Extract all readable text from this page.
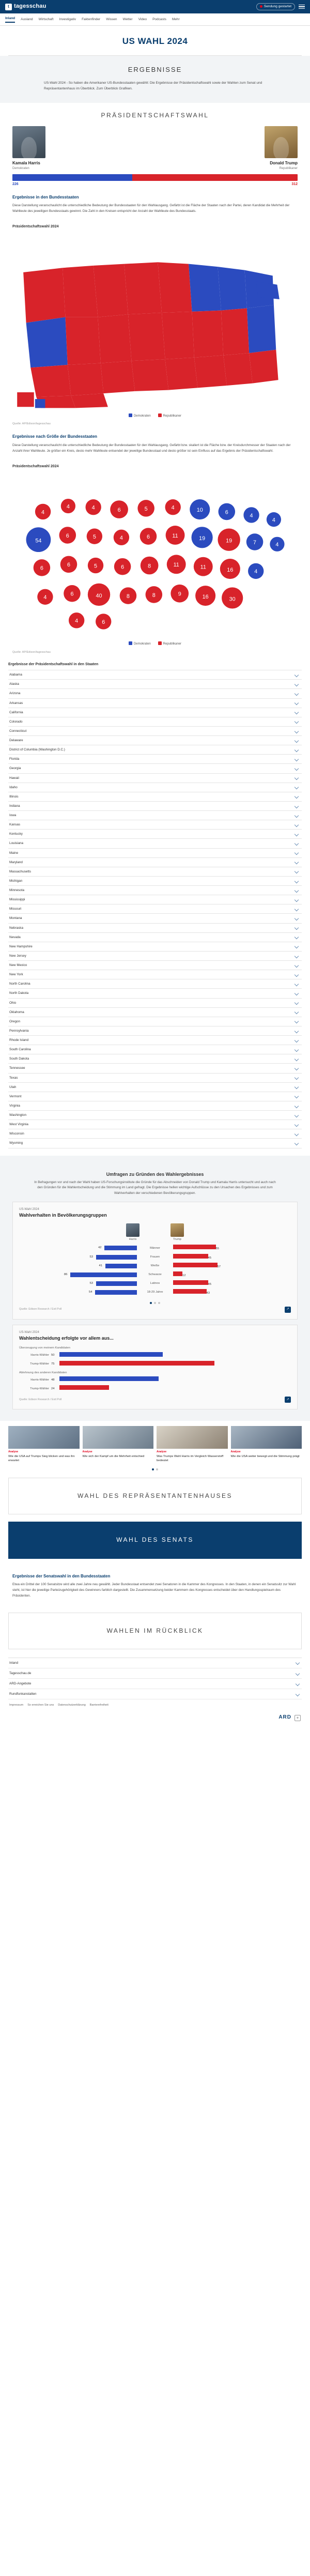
t tagesschau	Sendung gestartet
Inland Ausland Wirtschaft Investigativ Faktenfinder Wissen Wetter Video Podcasts Mehr
US WAHL 2024
ERGEBNISSE

US-Wahl 2024 - So haben die Amerikaner US-Bundesstaaten gewählt: Die Ergebnisse der Präsidentschaftswahl sowie der Wahlen zum Senat und Repräsentantenhaus im Überblick. Zum Überblick Grafiken.

PRÄSIDENTSCHAFTSWAHL
Kamala Harris
Demokraten
Donald Trump
Republikaner
226	312
Ergebnisse in den Bundesstaaten

Diese Darstellung veranschaulicht die unterschiedliche Bedeutung der Bundesstaaten für den Wahlausgang. Gefärbt ist die Fläche der Staaten nach der Partei, deren Kandidat die Mehrheit der Wahlleute des jeweiligen Bundesstaats gewinnt. Die Zahl in den Kreisen entspricht der Anzahl der Wahlleute des Bundesstaats.

Präsidentschaftswahl 2024
Demokraten	Republikaner
Quelle: AP/Edison/tagesschau
Ergebnisse nach Größe der Bundesstaaten

Diese Darstellung veranschaulicht die unterschiedliche Bedeutung der Bundesstaaten für den Wahlausgang. Gefärbt bzw. skaliert ist die Fläche bzw. der Kreisdurchmesser der Staaten nach der Anzahl ihrer Wahlleute. Je größer ein Kreis, desto mehr Wahlleute entsendet der jeweilige Bundesstaat und desto größer ist sein Einfluss auf das Ergebnis der Präsidentschaftswahl.

Präsidentschaftswahl 2024
4
4	4	6	5	4	10	6
4
4
54
6	5	4	6	11	19	19	7	4
6
6	5	6	8	11	11	16	4
4
6	40	8	8	9	16	30
4	6
Demokraten	Republikaner
Quelle: AP/Edison/tagesschau
Ergebnisse der Präsidentschaftswahl in den Staaten
Alabama
Alaska
Arizona
Arkansas
California
Colorado
Connecticut
Delaware
District of Columbia (Washington D.C.)
Florida
Georgia
Hawaii
Idaho
Illinois
Indiana
Iowa
Kansas
Kentucky
Louisiana
Maine
Maryland
Massachusetts
Michigan
Minnesota
Mississippi
Missouri
Montana
Nebraska
Nevada
New Hampshire
New Jersey
New Mexico
New York
North Carolina
North Dakota
Ohio
Oklahoma
Oregon
Pennsylvania
Rhode Island
South Carolina
South Dakota
Tennessee
Texas
Utah
Vermont
Virginia
Washington
West Virginia
Wisconsin
Wyoming
Umfragen zu Gründen des Wahlergebnisses
In Befragungen vor und nach der Wahl haben US-Forschungsinstitute die Gründe für das Abschneiden von Donald Trump und Kamala Harris untersucht und auch nach den Gründen für die Wahlentscheidung und die Stimmung im Land gefragt. Die Ergebnisse hellen wichtige Aufschlüsse zu den Ursachen des Ergebnisses und zum Wahlverhalten der verschiedenen Bevölkerungsgruppen.
US-Wahl 2024
Wahlverhalten in Bevölkerungsgruppen
Harris	Trump
42	Männer	55
53	Frauen	45
41	Weiße	57
86	Schwarze	12
53	Latinos	45
54	18-29 Jahre	43
Quelle: Edison Research / Exit Poll	↗
US-Wahl 2024
Wahlentscheidung erfolgte vor allem aus...
Überzeugung von meinem Kandidaten
Harris-Wähler 50
Trump-Wähler 75
Ablehnung des anderen Kandidaten
Harris-Wähler 48
Trump-Wähler 24
Quelle: Edison Research / Exit Poll	↗
Analyse
Wie die USA auf Trumps Sieg blicken und was ihn erwartet
Analyse
Wie sich der Kampf um die Mehrheit entschied
Analyse
Was Trumps Wahl Harris im Vergleich Wasserstoff bedeutet
Analyse
Wie die USA weiter bewegt und die Stimmung prägt
WAHL DES REPRÄSENTANTENHAUSES
WAHL DES SENATS
Ergebnisse der Senatswahl in den Bundesstaaten

Etwa ein Drittel der 100 Senatsitze wird alle zwei Jahre neu gewählt. Jeder Bundesstaat entsendet zwei Senatoren in die Kammer des Kongresses. In den Staaten, in denen ein Senatssitz zur Wahl steht, ist hier die jeweilige Parteizugehörigkeit des Gewinners farblich dargestellt. Die Zusammensetzung beider Kammern des Kongresses entscheidet über den Handlungsspielraum des Präsidenten.

WAHLEN IM RÜCKBLICK
Inland
Tagesschau.de
ARD-Angebote
Rundfunkanstalten
Impressum So erreichen Sie uns Datenschutzerklärung Barrierefreiheit
ARD	+
